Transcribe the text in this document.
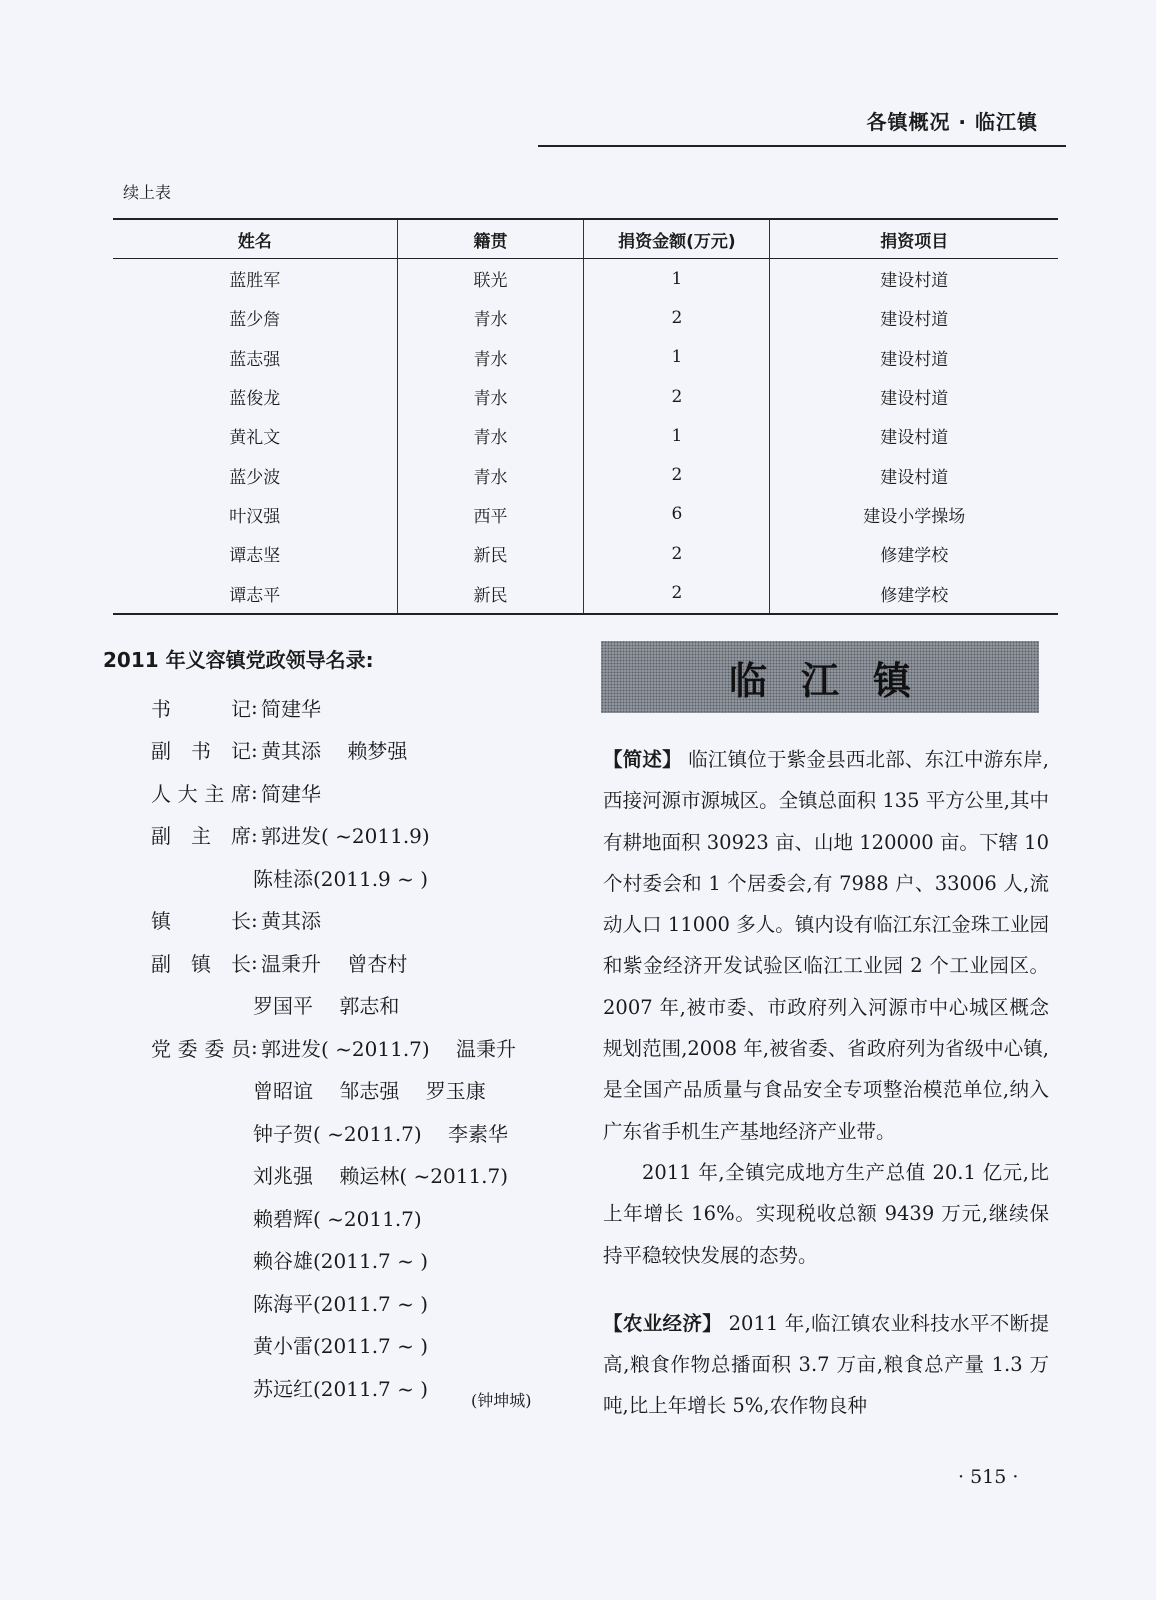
各镇概况 · 临江镇
续上表
姓名	籍贯	捐资金额(万元)	捐资项目
蓝胜军	联光	1	建设村道
蓝少詹	青水	2	建设村道
蓝志强	青水	1	建设村道
蓝俊龙	青水	2	建设村道
黄礼文	青水	1	建设村道
蓝少波	青水	2	建设村道
叶汉强	西平	6	建设小学操场
谭志坚	新民	2	修建学校
谭志平	新民	2	修建学校
2011 年义容镇党政领导名录:
书记 : 简建华
副书记 : 黄其添　 赖梦强
人大主席 : 简建华
副主席 : 郭进发( ~2011.9)
陈桂添(2011.9 ~ )
镇长 : 黄其添
副镇长 : 温秉升　 曾杏村
罗国平　 郭志和
党委委员 : 郭进发( ~2011.7)　 温秉升
曾昭谊　 邹志强　 罗玉康
钟子贺( ~2011.7)　 李素华
刘兆强　 赖运林( ~2011.7)
赖碧辉( ~2011.7)
赖谷雄(2011.7 ~ )
陈海平(2011.7 ~ )
黄小雷(2011.7 ~ )
苏远红(2011.7 ~ )	(钟坤城)
临江镇

【简述】 临江镇位于紫金县西北部、东江中游东岸,西接河源市源城区。全镇总面积 135 平方公里,其中有耕地面积 30923 亩、山地 120000 亩。下辖 10 个村委会和 1 个居委会,有 7988 户、33006 人,流动人口 11000 多人。镇内设有临江东江金珠工业园和紫金经济开发试验区临江工业园 2 个工业园区。2007 年,被市委、市政府列入河源市中心城区概念规划范围,2008 年,被省委、省政府列为省级中心镇,是全国产品质量与食品安全专项整治模范单位,纳入广东省手机生产基地经济产业带。

2011 年,全镇完成地方生产总值 20.1 亿元,比上年增长 16%。实现税收总额 9439 万元,继续保持平稳较快发展的态势。

【农业经济】 2011 年,临江镇农业科技水平不断提高,粮食作物总播面积 3.7 万亩,粮食总产量 1.3 万吨,比上年增长 5%,农作物良种

· 515 ·
